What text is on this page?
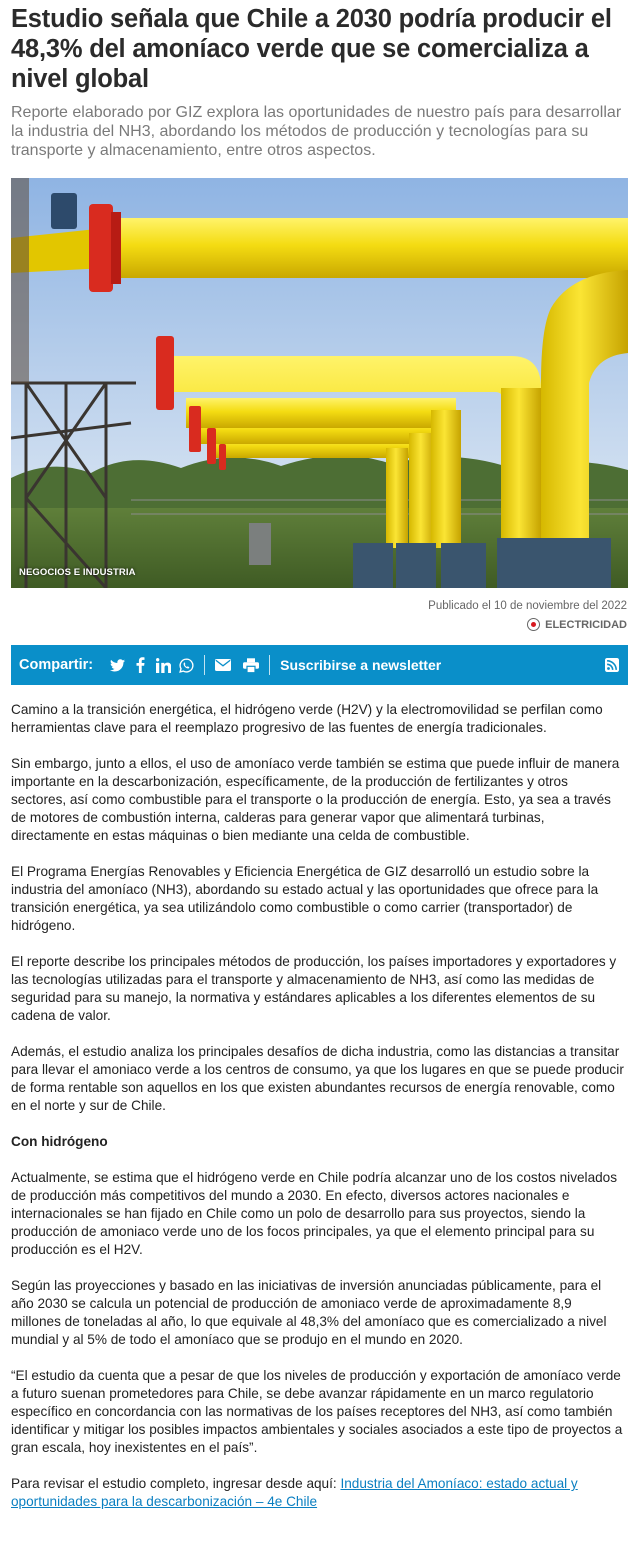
Estudio señala que Chile a 2030 podría producir el 48,3% del amoníaco verde que se comercializa a nivel global

Reporte elaborado por GIZ explora las oportunidades de nuestro país para desarrollar la industria del NH3, abordando los métodos de producción y tecnologías para su transporte y almacenamiento, entre otros aspectos.

NEGOCIOS E INDUSTRIA
Publicado el 10 de noviembre del 2022
ELECTRICIDAD
Compartir:	Suscribirse a newsletter

Camino a la transición energética, el hidrógeno verde (H2V) y la electromovilidad se perfilan como herramientas clave para el reemplazo progresivo de las fuentes de energía tradicionales.

Sin embargo, junto a ellos, el uso de amoníaco verde también se estima que puede influir de manera importante en la descarbonización, específicamente, de la producción de fertilizantes y otros sectores, así como combustible para el transporte o la producción de energía. Esto, ya sea a través de motores de combustión interna, calderas para generar vapor que alimentará turbinas, directamente en estas máquinas o bien mediante una celda de combustible.

El Programa Energías Renovables y Eficiencia Energética de GIZ desarrolló un estudio sobre la industria del amoníaco (NH3), abordando su estado actual y las oportunidades que ofrece para la transición energética, ya sea utilizándolo como combustible o como carrier (transportador) de hidrógeno.

El reporte describe los principales métodos de producción, los países importadores y exportadores y las tecnologías utilizadas para el transporte y almacenamiento de NH3, así como las medidas de seguridad para su manejo, la normativa y estándares aplicables a los diferentes elementos de su cadena de valor.

Además, el estudio analiza los principales desafíos de dicha industria, como las distancias a transitar para llevar el amoniaco verde a los centros de consumo, ya que los lugares en que se puede producir de forma rentable son aquellos en los que existen abundantes recursos de energía renovable, como en el norte y sur de Chile.

Con hidrógeno

Actualmente, se estima que el hidrógeno verde en Chile podría alcanzar uno de los costos nivelados de producción más competitivos del mundo a 2030. En efecto, diversos actores nacionales e internacionales se han fijado en Chile como un polo de desarrollo para sus proyectos, siendo la producción de amoniaco verde uno de los focos principales, ya que el elemento principal para su producción es el H2V.

Según las proyecciones y basado en las iniciativas de inversión anunciadas públicamente, para el año 2030 se calcula un potencial de producción de amoniaco verde de aproximadamente 8,9 millones de toneladas al año, lo que equivale al 48,3% del amoníaco que es comercializado a nivel mundial y al 5% de todo el amoníaco que se produjo en el mundo en 2020.

“El estudio da cuenta que a pesar de que los niveles de producción y exportación de amoníaco verde a futuro suenan prometedores para Chile, se debe avanzar rápidamente en un marco regulatorio específico en concordancia con las normativas de los países receptores del NH3, así como también identificar y mitigar los posibles impactos ambientales y sociales asociados a este tipo de proyectos a gran escala, hoy inexistentes en el país”.

Para revisar el estudio completo, ingresar desde aquí: Industria del Amoníaco: estado actual y oportunidades para la descarbonización – 4e Chile
